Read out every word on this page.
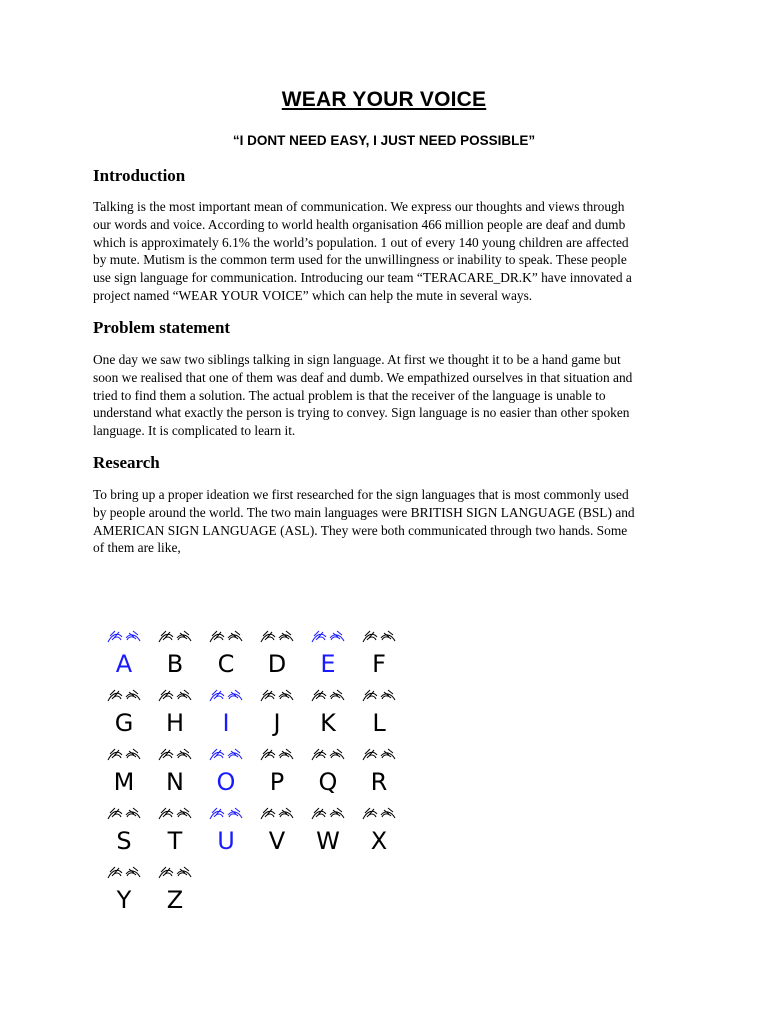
WEAR YOUR VOICE
“I DONT NEED EASY, I JUST NEED POSSIBLE”
Introduction
Talking is the most important mean of communication. We express our thoughts and views through
our words and voice. According to world health organisation 466 million people are deaf and dumb
which is approximately 6.1% the world’s population. 1 out of every 140 young children are affected
by mute. Mutism is the common term used for the unwillingness or inability to speak. These people
use sign language for communication. Introducing our team “TERACARE_DR.K” have innovated a
project named “WEAR YOUR VOICE” which can help the mute in several ways.
Problem statement
One day we saw two siblings talking in sign language. At first we thought it to be a hand game but
soon we realised that one of them was deaf and dumb. We empathized ourselves in that situation and
tried to find them a solution. The actual problem is that the receiver of the language is unable to
understand what exactly the person is trying to convey. Sign language is no easier than other spoken
language. It is complicated to learn it.
Research
To bring up a proper ideation we first researched for the sign languages that is most commonly used
by people around the world. The two main languages were BRITISH SIGN LANGUAGE (BSL) and
AMERICAN SIGN LANGUAGE (ASL). They were both communicated through two hands. Some
of them are like,
A	B	C	D	E	F
G	H	I	J	K	L
M	N	O	P	Q	R
S	T	U	V	W	X
Y	Z
